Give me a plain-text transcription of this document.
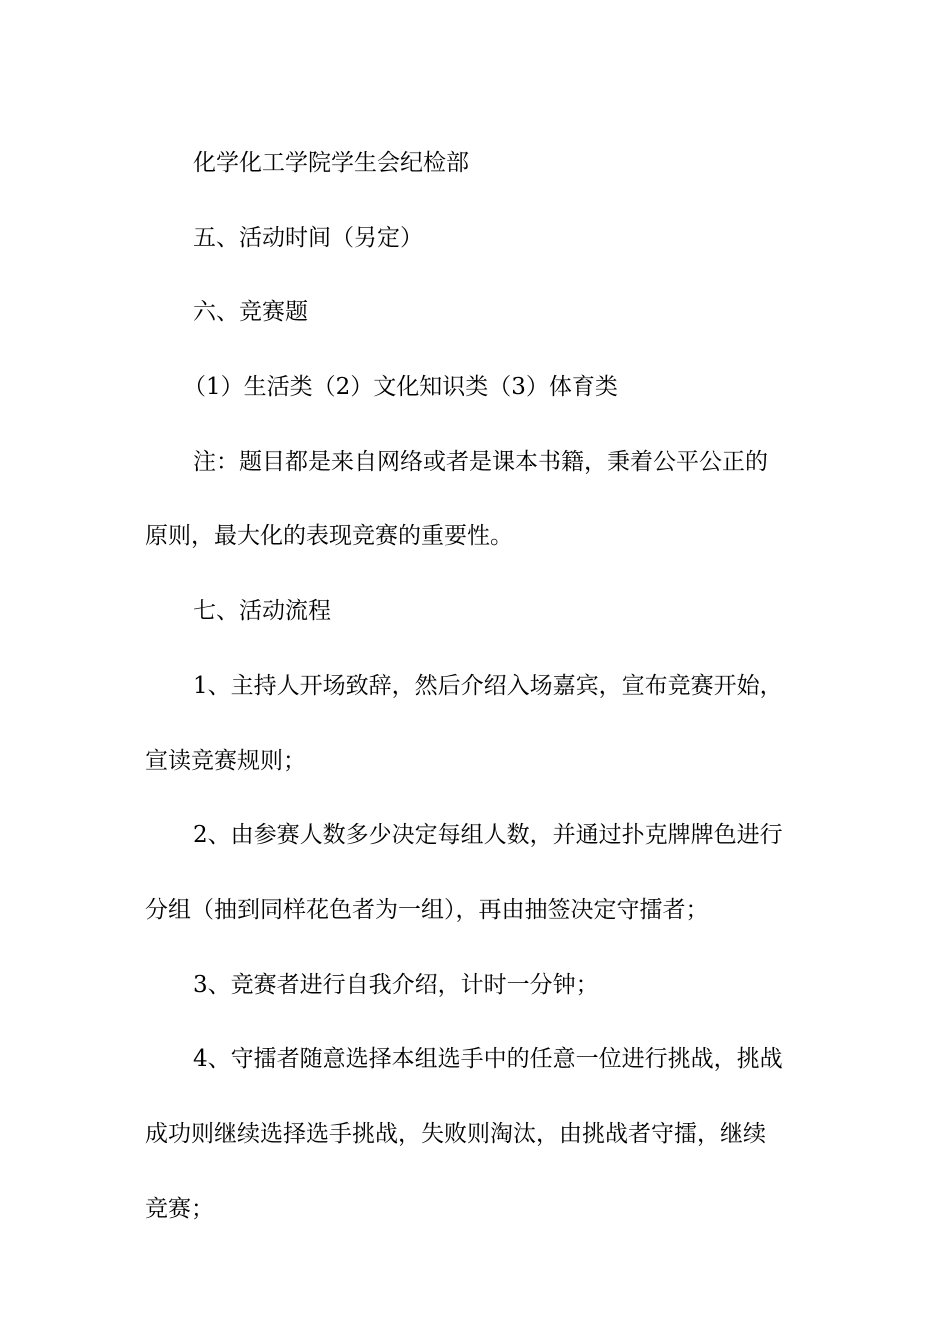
化学化工学院学生会纪检部
五、活动时间（另定）
六、竞赛题
（1）生活类（2）文化知识类（3）体育类
注：题目都是来自网络或者是课本书籍，秉着公平公正的
原则，最大化的表现竞赛的重要性。
七、活动流程
1、主持人开场致辞，然后介绍入场嘉宾，宣布竞赛开始，
宣读竞赛规则；
2、由参赛人数多少决定每组人数，并通过扑克牌牌色进行
分组（抽到同样花色者为一组），再由抽签决定守擂者；
3、竞赛者进行自我介绍，计时一分钟；
4、守擂者随意选择本组选手中的任意一位进行挑战，挑战
成功则继续选择选手挑战，失败则淘汰，由挑战者守擂，继续
竞赛；
